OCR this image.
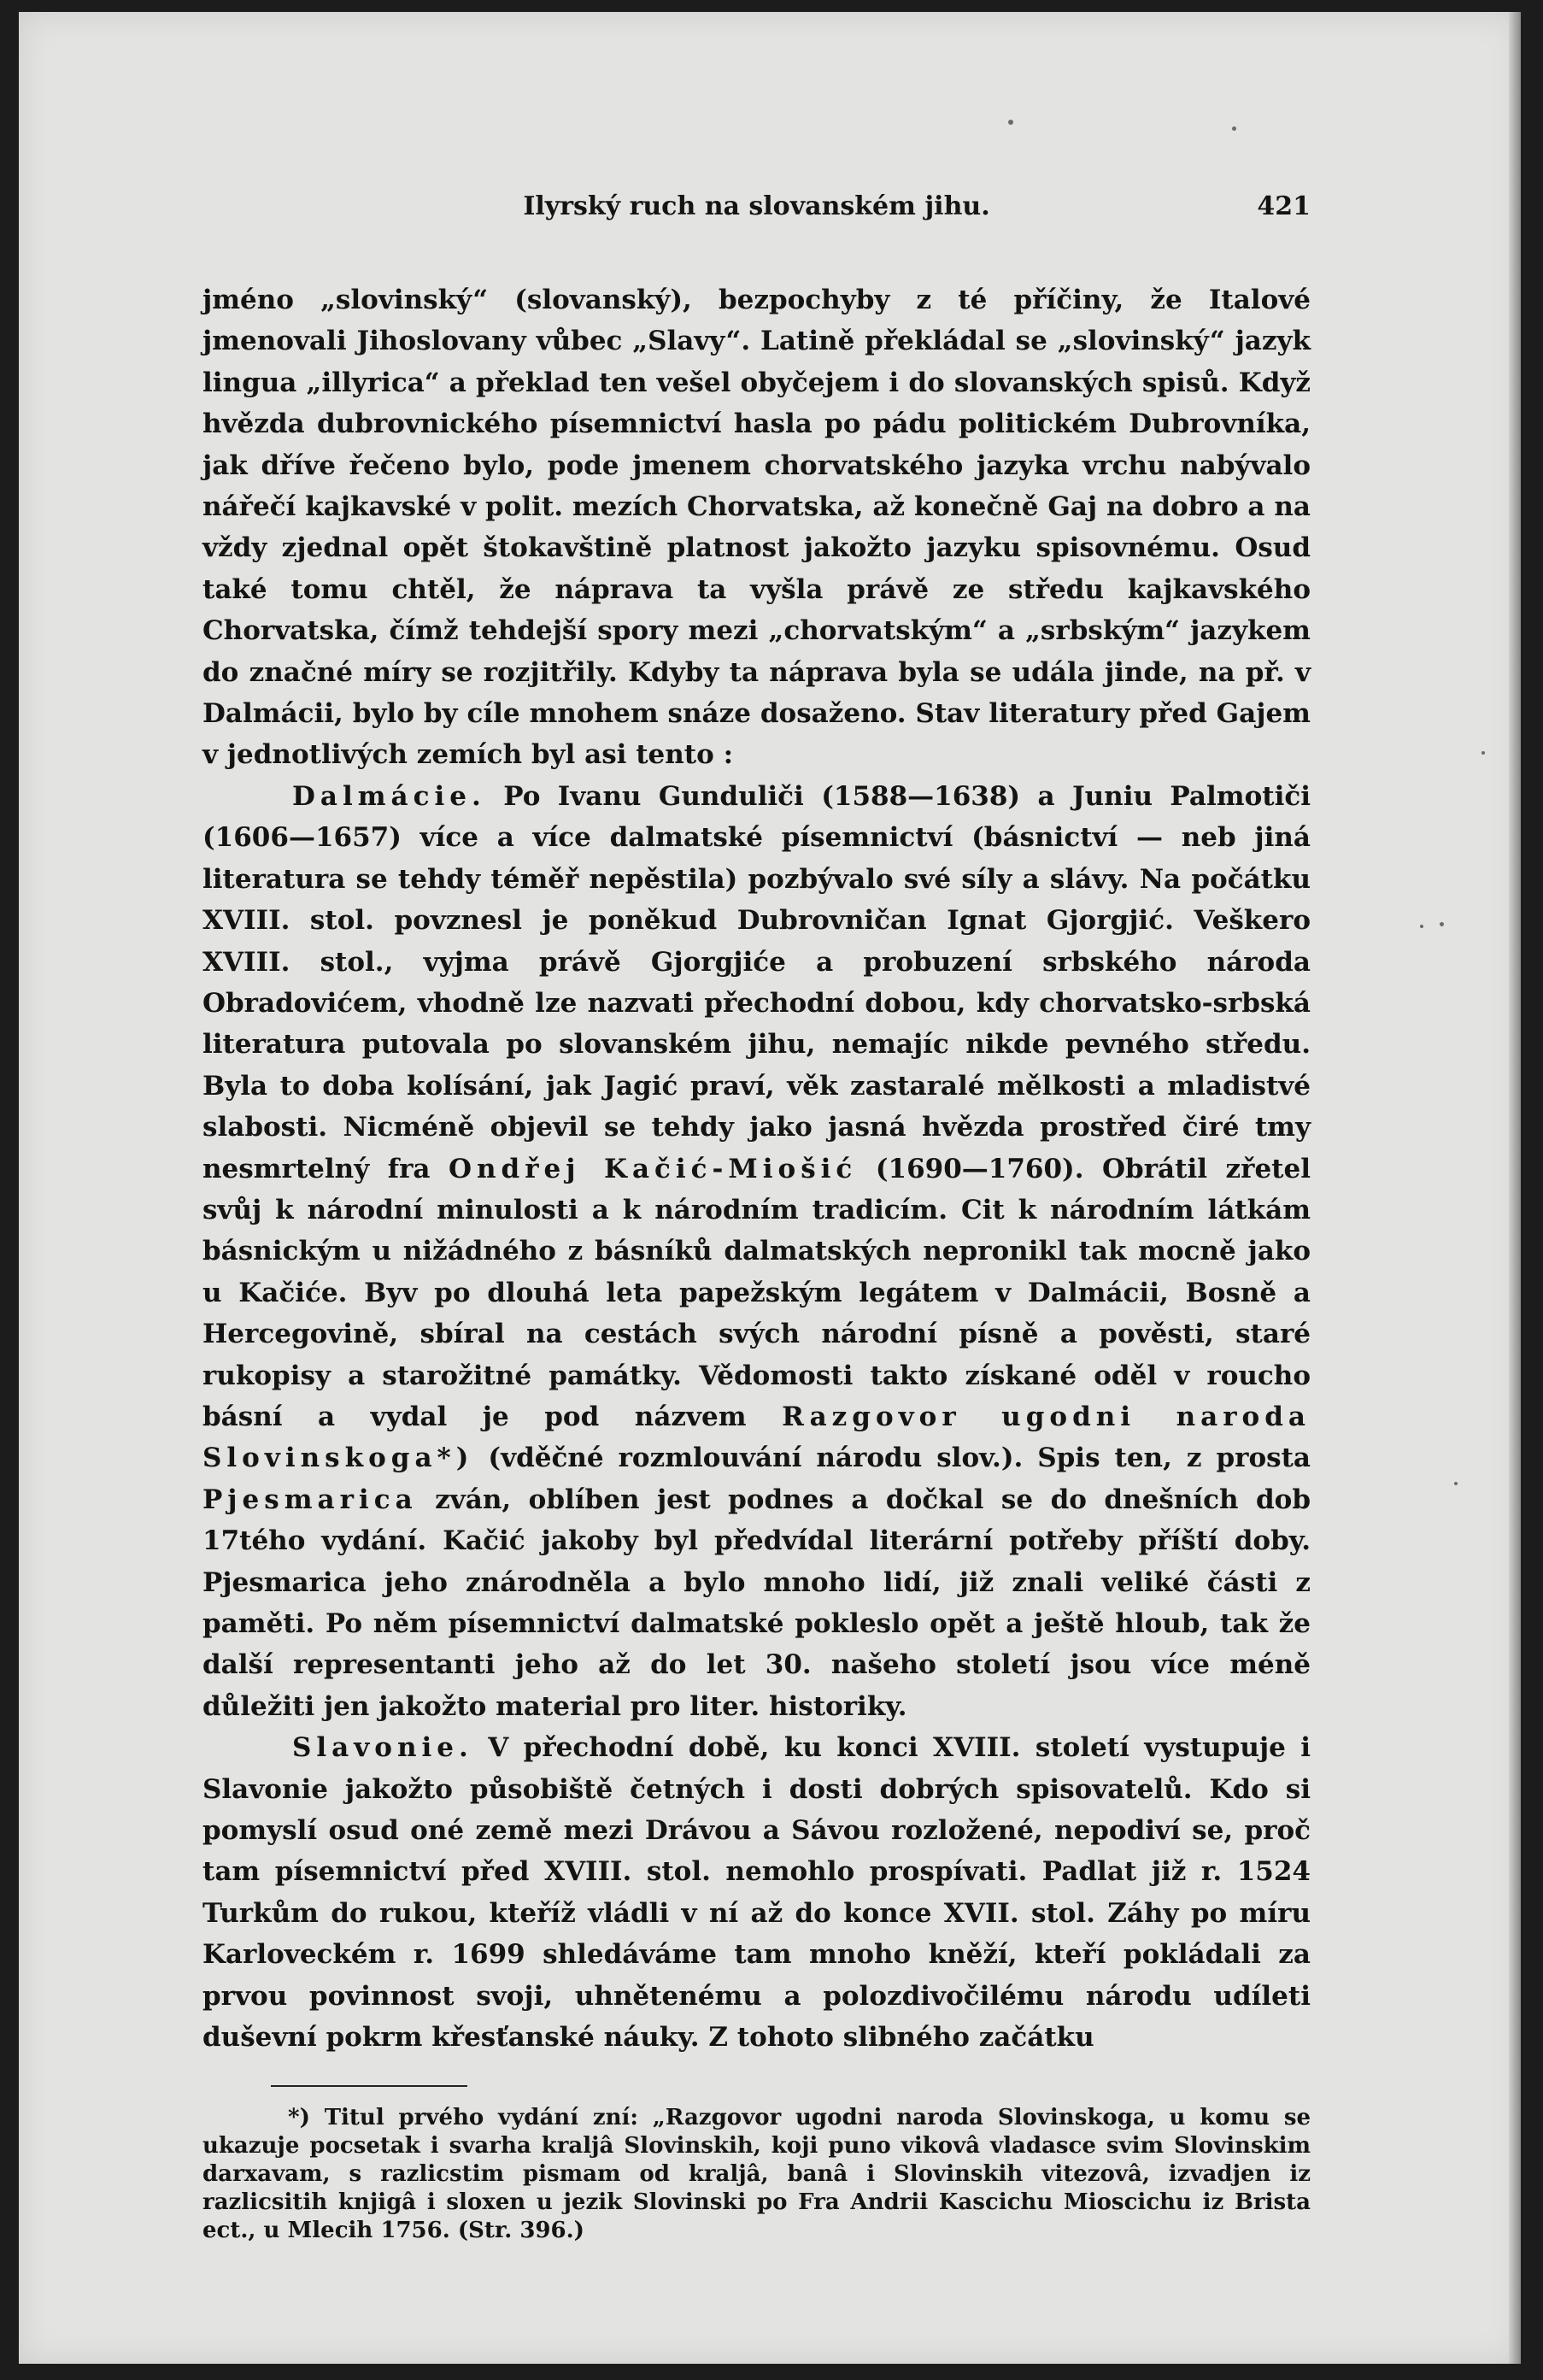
Ilyrský ruch na slovanském jihu.	421

jméno „slovinský“ (slovanský), bezpochyby z té příčiny, že Italové jmenovali Jihoslovany vůbec „Slavy“. Latině překládal se „slovinský“ jazyk lingua „illyrica“ a překlad ten vešel obyčejem i do slovanských spisů. Když hvězda dubrovnického písemnictví hasla po pádu politickém Dubrovníka, jak dříve řečeno bylo, pode jmenem chorvatského jazyka vrchu nabývalo nářečí kajkavské v polit. mezích Chorvatska, až konečně Gaj na dobro a na vždy zjednal opět štokavštině platnost jakožto jazyku spisovnému. Osud také tomu chtěl, že náprava ta vyšla právě ze středu kajkavského Chorvatska, čímž tehdejší spory mezi „chorvatským“ a „srbským“ jazykem do značné míry se rozjitřily. Kdyby ta náprava byla se udála jinde, na př. v Dalmácii, bylo by cíle mnohem snáze dosaženo. Stav literatury před Gajem v jednotlivých zemích byl asi tento :

Dalmácie. Po Ivanu Gunduliči (1588—1638) a Juniu Palmotiči (1606—1657) více a více dalmatské písemnictví (básnictví — neb jiná literatura se tehdy téměř nepěstila) pozbývalo své síly a slávy. Na počátku XVIII. stol. povznesl je poněkud Dubrovničan Ignat Gjorgjić. Veškero XVIII. stol., vyjma právě Gjorgjiće a probuzení srbského národa Obradovićem, vhodně lze nazvati přechodní dobou, kdy chorvatsko-srbská literatura putovala po slovanském jihu, nemajíc nikde pevného středu. Byla to doba kolísání, jak Jagić praví, věk zastaralé mělkosti a mladistvé slabosti. Nicméně objevil se tehdy jako jasná hvězda prostřed čiré tmy nesmrtelný fra Ondřej Kačić-Miošić (1690—1760). Obrátil zřetel svůj k národní minulosti a k národním tradicím. Cit k národním látkám básnickým u nižádného z básníků dalmatských nepronikl tak mocně jako u Kačiće. Byv po dlouhá leta papežským legátem v Dalmácii, Bosně a Hercegovině, sbíral na cestách svých národní písně a pověsti, staré rukopisy a starožitné památky. Vědomosti takto získané oděl v roucho básní a vydal je pod názvem Razgovor ugodni naroda Slovinskoga*) (vděčné rozmlouvání národu slov.). Spis ten, z prosta Pjesmarica zván, oblíben jest podnes a dočkal se do dnešních dob 17tého vydání. Kačić jakoby byl předvídal literární potřeby příští doby. Pjesmarica jeho znárodněla a bylo mnoho lidí, již znali veliké části z paměti. Po něm písemnictví dalmatské pokleslo opět a ještě hloub, tak že další representanti jeho až do let 30. našeho století jsou více méně důležiti jen jakožto material pro liter. historiky.

Slavonie. V přechodní době, ku konci XVIII. století vystupuje i Slavonie jakožto působiště četných i dosti dobrých spisovatelů. Kdo si pomyslí osud oné země mezi Drávou a Sávou rozložené, nepodiví se, proč tam písemnictví před XVIII. stol. nemohlo prospívati. Padlat již r. 1524 Turkům do rukou, kteříž vládli v ní až do konce XVII. stol. Záhy po míru Karloveckém r. 1699 shledáváme tam mnoho kněží, kteří pokládali za prvou povinnost svoji, uhnětenému a polozdivočilému národu udíleti duševní pokrm křesťanské náuky. Z tohoto slibného začátku

*) Titul prvého vydání zní: „Razgovor ugodni naroda Slovinskoga, u komu se ukazuje pocsetak i svarha kraljâ Slovinskih, koji puno vikovâ vladasce svim Slovinskim darxavam, s razlicstim pismam od kraljâ, banâ i Slovinskih vitezovâ, izvadjen iz razlicsitih knjigâ i sloxen u jezik Slovinski po Fra Andrii Kascichu Mioscichu iz Brista ect., u Mlecih 1756. (Str. 396.)
